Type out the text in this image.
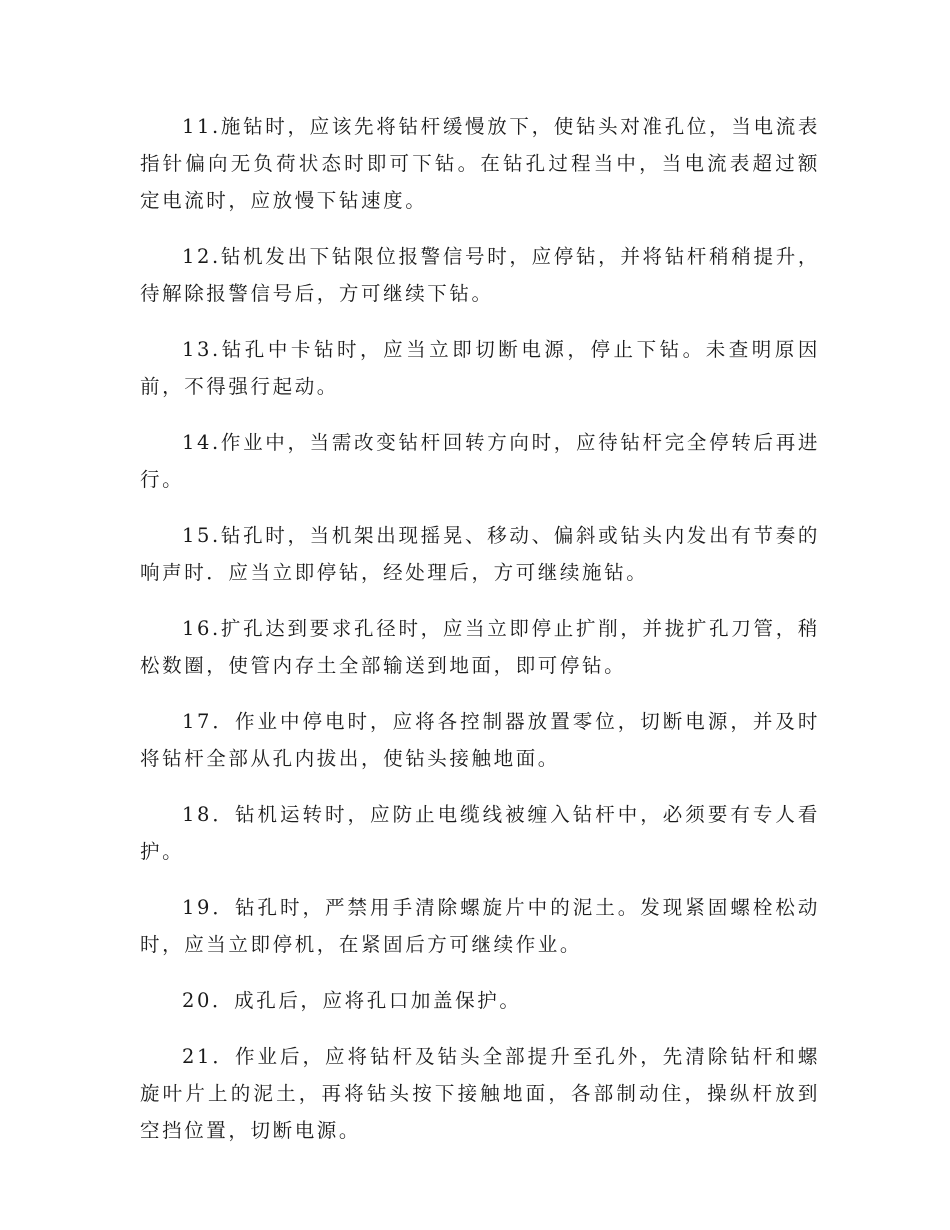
11.施钻时，应该先将钻杆缓慢放下，使钻头对准孔位，当电流表指针偏向无负荷状态时即可下钻。在钻孔过程当中，当电流表超过额定电流时，应放慢下钻速度。

12.钻机发出下钻限位报警信号时，应停钻，并将钻杆稍稍提升，待解除报警信号后，方可继续下钻。

13.钻孔中卡钻时，应当立即切断电源，停止下钻。未查明原因前，不得强行起动。

14.作业中，当需改变钻杆回转方向时，应待钻杆完全停转后再进行。

15.钻孔时，当机架出现摇晃、移动、偏斜或钻头内发出有节奏的响声时．应当立即停钻，经处理后，方可继续施钻。

16.扩孔达到要求孔径时，应当立即停止扩削，并拢扩孔刀管，稍松数圈，使管内存土全部输送到地面，即可停钻。

17．作业中停电时，应将各控制器放置零位，切断电源，并及时将钻杆全部从孔内拔出，使钻头接触地面。

18．钻机运转时，应防止电缆线被缠入钻杆中，必须要有专人看护。

19．钻孔时，严禁用手清除螺旋片中的泥土。发现紧固螺栓松动时，应当立即停机，在紧固后方可继续作业。

20．成孔后，应将孔口加盖保护。

21．作业后，应将钻杆及钻头全部提升至孔外，先清除钻杆和螺旋叶片上的泥土，再将钻头按下接触地面，各部制动住，操纵杆放到空挡位置，切断电源。
